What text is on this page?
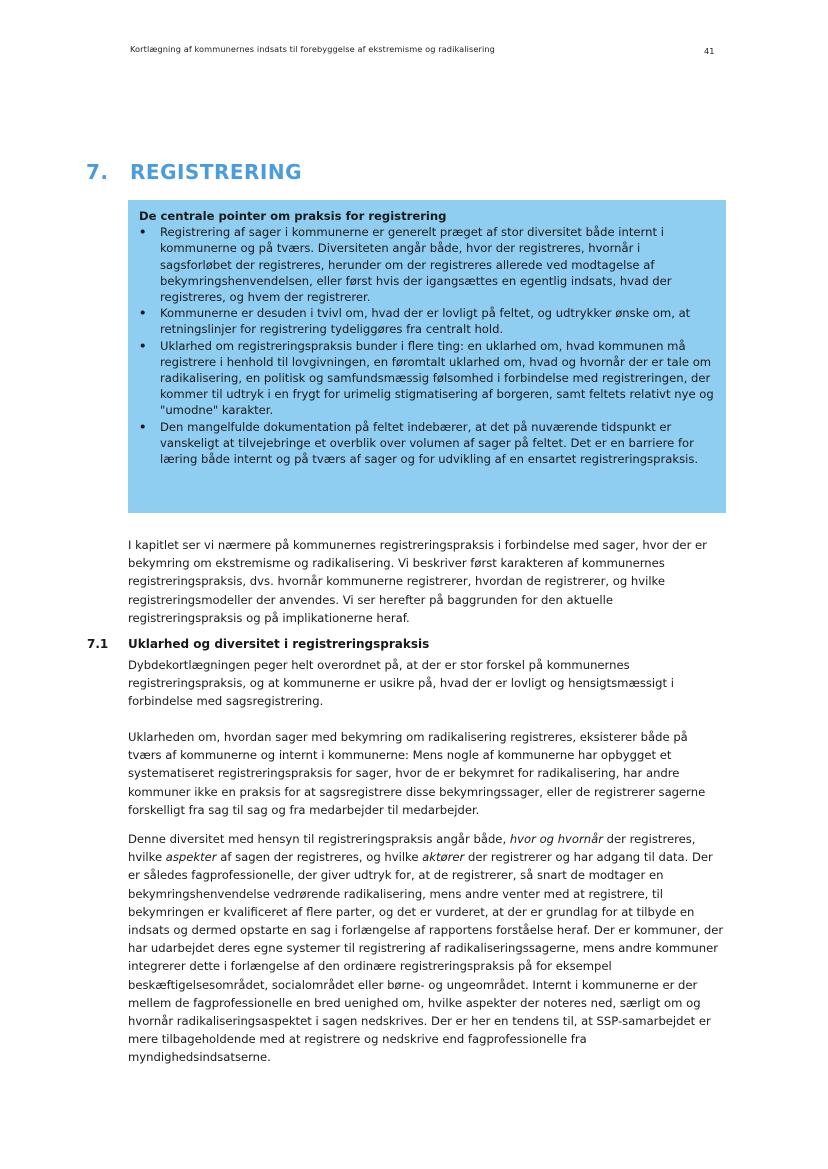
Kortlægning af kommunernes indsats til forebyggelse af ekstremisme og radikalisering	41
7. REGISTRERING

De centrale pointer om praksis for registrering

• Registrering af sager i kommunerne er generelt præget af stor diversitet både internt i kommunerne og på tværs. Diversiteten angår både, hvor der registreres, hvornår i sagsforløbet der registreres, herunder om der registreres allerede ved modtagelse af bekymringshenvendelsen, eller først hvis der igangsættes en egentlig indsats, hvad der registreres, og hvem der registrerer.
• Kommunerne er desuden i tvivl om, hvad der er lovligt på feltet, og udtrykker ønske om, at retningslinjer for registrering tydeliggøres fra centralt hold.
• Uklarhed om registreringspraksis bunder i flere ting: en uklarhed om, hvad kommunen må registrere i henhold til lovgivningen, en føromtalt uklarhed om, hvad og hvornår der er tale om radikalisering, en politisk og samfundsmæssig følsomhed i forbindelse med registreringen, der kommer til udtryk i en frygt for urimelig stigmatisering af borgeren, samt feltets relativt nye og "umodne" karakter.
• Den mangelfulde dokumentation på feltet indebærer, at det på nuværende tidspunkt er vanskeligt at tilvejebringe et overblik over volumen af sager på feltet. Det er en barriere for læring både internt og på tværs af sager og for udvikling af en ensartet registreringspraksis.

I kapitlet ser vi nærmere på kommunernes registreringspraksis i forbindelse med sager, hvor der er bekymring om ekstremisme og radikalisering. Vi beskriver først karakteren af kommunernes registreringspraksis, dvs. hvornår kommunerne registrerer, hvordan de registrerer, og hvilke registreringsmodeller der anvendes. Vi ser herefter på baggrunden for den aktuelle registreringspraksis og på implikationerne heraf.

7.1 Uklarhed og diversitet i registreringspraksis

Dybdekortlægningen peger helt overordnet på, at der er stor forskel på kommunernes registreringspraksis, og at kommunerne er usikre på, hvad der er lovligt og hensigtsmæssigt i forbindelse med sagsregistrering.

Uklarheden om, hvordan sager med bekymring om radikalisering registreres, eksisterer både på tværs af kommunerne og internt i kommunerne: Mens nogle af kommunerne har opbygget et systematiseret registreringspraksis for sager, hvor de er bekymret for radikalisering, har andre kommuner ikke en praksis for at sagsregistrere disse bekymringssager, eller de registrerer sagerne forskelligt fra sag til sag og fra medarbejder til medarbejder.

Denne diversitet med hensyn til registreringspraksis angår både, hvor og hvornår der registreres, hvilke aspekter af sagen der registreres, og hvilke aktører der registrerer og har adgang til data. Der er således fagprofessionelle, der giver udtryk for, at de registrerer, så snart de modtager en bekymringshenvendelse vedrørende radikalisering, mens andre venter med at registrere, til bekymringen er kvalificeret af flere parter, og det er vurderet, at der er grundlag for at tilbyde en indsats og dermed opstarte en sag i forlængelse af rapportens forståelse heraf. Der er kommuner, der har udarbejdet deres egne systemer til registrering af radikaliseringssagerne, mens andre kommuner integrerer dette i forlængelse af den ordinære registreringspraksis på for eksempel beskæftigelsesområdet, socialområdet eller børne- og ungeområdet. Internt i kommunerne er der mellem de fagprofessionelle en bred uenighed om, hvilke aspekter der noteres ned, særligt om og hvornår radikaliseringsaspektet i sagen nedskrives. Der er her en tendens til, at SSP-samarbejdet er mere tilbageholdende med at registrere og nedskrive end fagprofessionelle fra myndighedsindsatserne.
